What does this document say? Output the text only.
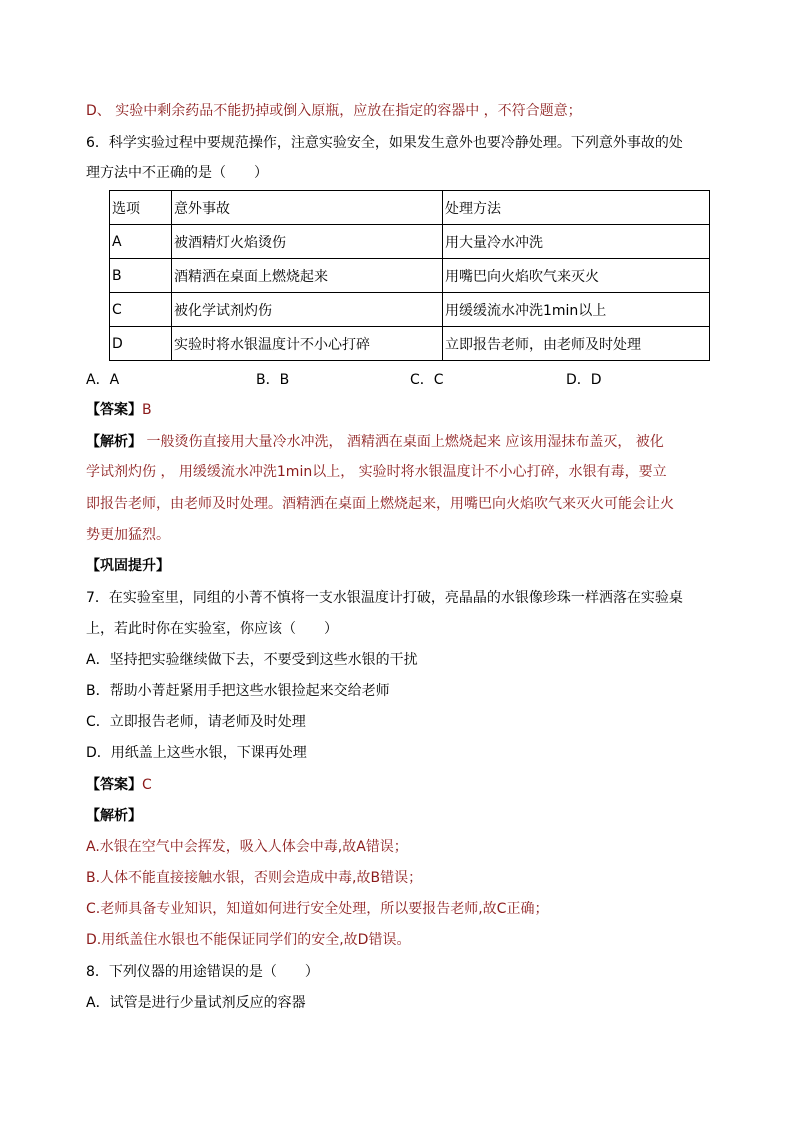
D、 实验中剩余药品不能扔掉或倒入原瓶，应放在指定的容器中 ，不符合题意；
6．科学实验过程中要规范操作，注意实验安全，如果发生意外也要冷静处理。下列意外事故的处
理方法中不正确的是（　　）
选项	意外事故	处理方法
A	被酒精灯火焰烫伤	用大量冷水冲洗
B	酒精洒在桌面上燃烧起来	用嘴巴向火焰吹气来灭火
C	被化学试剂灼伤	用缓缓流水冲洗1min以上
D	实验时将水银温度计不小心打碎	立即报告老师，由老师及时处理
A．A	B．B	C．C	D．D
【答案】B
【解析】 一般烫伤直接用大量冷水冲洗， 酒精洒在桌面上燃烧起来 应该用湿抹布盖灭， 被化
学试剂灼伤 ， 用缓缓流水冲洗1min以上， 实验时将水银温度计不小心打碎，水银有毒，要立
即报告老师，由老师及时处理。酒精洒在桌面上燃烧起来，用嘴巴向火焰吹气来灭火可能会让火
势更加猛烈。
【巩固提升】
7．在实验室里，同组的小菁不慎将一支水银温度计打破，亮晶晶的水银像珍珠一样洒落在实验桌
上，若此时你在实验室，你应该（　　）
A．坚持把实验继续做下去，不要受到这些水银的干扰
B．帮助小菁赶紧用手把这些水银捡起来交给老师
C．立即报告老师，请老师及时处理
D．用纸盖上这些水银，下课再处理
【答案】C
【解析】
A.水银在空气中会挥发，吸入人体会中毒,故A错误；
B.人体不能直接接触水银，否则会造成中毒,故B错误；
C.老师具备专业知识，知道如何进行安全处理，所以要报告老师,故C正确；
D.用纸盖住水银也不能保证同学们的安全,故D错误。
8．下列仪器的用途错误的是（　　）
A．试管是进行少量试剂反应的容器
